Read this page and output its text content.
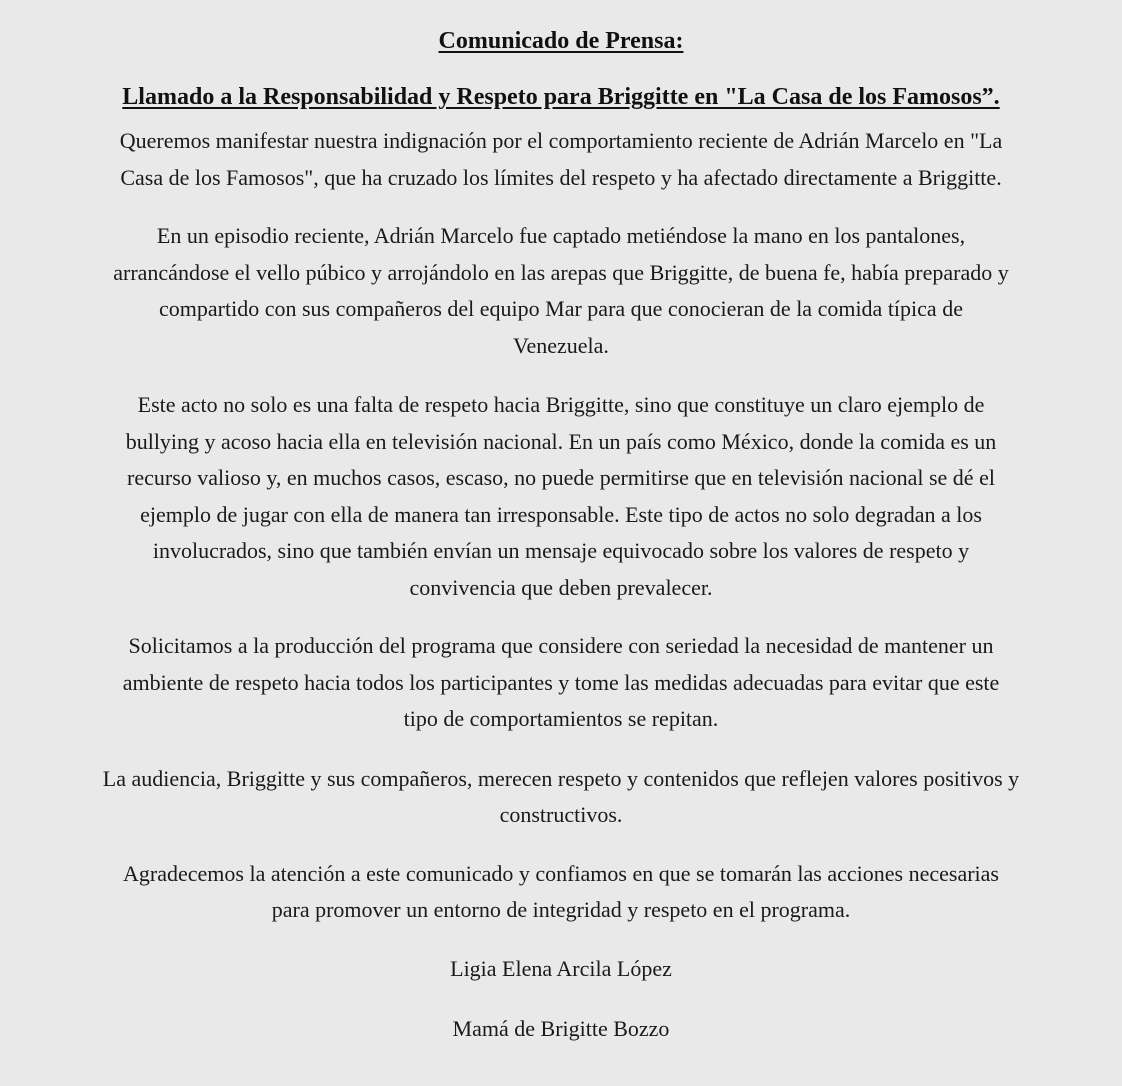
Comunicado de Prensa:
Llamado a la Responsabilidad y Respeto para Briggitte en "La Casa de los Famosos”.

Queremos manifestar nuestra indignación por el comportamiento reciente de Adrián Marcelo en "La
Casa de los Famosos", que ha cruzado los límites del respeto y ha afectado directamente a Briggitte.

En un episodio reciente, Adrián Marcelo fue captado metiéndose la mano en los pantalones,
arrancándose el vello púbico y arrojándolo en las arepas que Briggitte, de buena fe, había preparado y
compartido con sus compañeros del equipo Mar para que conocieran de la comida típica de
Venezuela.

Este acto no solo es una falta de respeto hacia Briggitte, sino que constituye un claro ejemplo de
bullying y acoso hacia ella en televisión nacional. En un país como México, donde la comida es un
recurso valioso y, en muchos casos, escaso, no puede permitirse que en televisión nacional se dé el
ejemplo de jugar con ella de manera tan irresponsable. Este tipo de actos no solo degradan a los
involucrados, sino que también envían un mensaje equivocado sobre los valores de respeto y
convivencia que deben prevalecer.

Solicitamos a la producción del programa que considere con seriedad la necesidad de mantener un
ambiente de respeto hacia todos los participantes y tome las medidas adecuadas para evitar que este
tipo de comportamientos se repitan.

La audiencia, Briggitte y sus compañeros, merecen respeto y contenidos que reflejen valores positivos y
constructivos.

Agradecemos la atención a este comunicado y confiamos en que se tomarán las acciones necesarias
para promover un entorno de integridad y respeto en el programa.

Ligia Elena Arcila López

Mamá de Brigitte Bozzo
